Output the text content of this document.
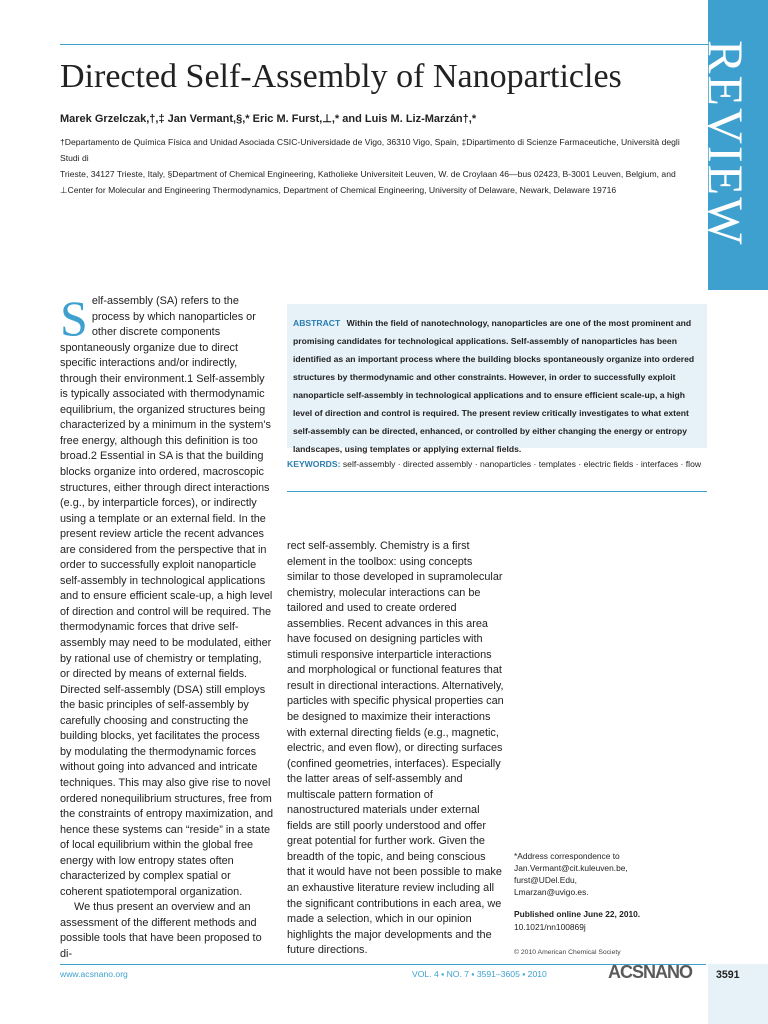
REVIEW
Directed Self-Assembly of Nanoparticles
Marek Grzelczak,†,‡ Jan Vermant,§,* Eric M. Furst,⊥,* and Luis M. Liz-Marzán†,*
†Departamento de Química Física and Unidad Asociada CSIC-Universidade de Vigo, 36310 Vigo, Spain, ‡Dipartimento di Scienze Farmaceutiche, Università degli Studi di
Trieste, 34127 Trieste, Italy, §Department of Chemical Engineering, Katholieke Universiteit Leuven, W. de Croylaan 46—bus 02423, B-3001 Leuven, Belgium, and
⊥Center for Molecular and Engineering Thermodynamics, Department of Chemical Engineering, University of Delaware, Newark, Delaware 19716
S elf-assembly (SA) refers to the process by which nanoparticles or other discrete components spontaneously organize due to direct specific interactions and/or indirectly, through their environment.1 Self-assembly is typically associated with thermodynamic equilibrium, the organized structures being characterized by a minimum in the system's free energy, although this definition is too broad.2 Essential in SA is that the building blocks organize into ordered, macroscopic structures, either through direct interactions (e.g., by interparticle forces), or indirectly using a template or an external field. In the present review article the recent advances are considered from the perspective that in order to successfully exploit nanoparticle self-assembly in technological applications and to ensure efficient scale-up, a high level of direction and control will be required. The thermodynamic forces that drive self-assembly may need to be modulated, either by rational use of chemistry or templating, or directed by means of external fields. Directed self-assembly (DSA) still employs the basic principles of self-assembly by carefully choosing and constructing the building blocks, yet facilitates the process by modulating the thermodynamic forces without going into advanced and intricate techniques. This may also give rise to novel ordered nonequilibrium structures, free from the constraints of entropy maximization, and hence these systems can “reside” in a state of local equilibrium within the global free energy with low entropy states often characterized by complex spatial or coherent spatiotemporal organization.
We thus present an overview and an assessment of the different methods and possible tools that have been proposed to di-
ABSTRACT Within the field of nanotechnology, nanoparticles are one of the most prominent and promising candidates for technological applications. Self-assembly of nanoparticles has been identified as an important process where the building blocks spontaneously organize into ordered structures by thermodynamic and other constraints. However, in order to successfully exploit nanoparticle self-assembly in technological applications and to ensure efficient scale-up, a high level of direction and control is required. The present review critically investigates to what extent self-assembly can be directed, enhanced, or controlled by either changing the energy or entropy landscapes, using templates or applying external fields.
KEYWORDS: self-assembly · directed assembly · nanoparticles · templates · electric fields · interfaces · flow
rect self-assembly. Chemistry is a first element in the toolbox: using concepts similar to those developed in supramolecular chemistry, molecular interactions can be tailored and used to create ordered assemblies. Recent advances in this area have focused on designing particles with stimuli responsive interparticle interactions and morphological or functional features that result in directional interactions. Alternatively, particles with specific physical properties can be designed to maximize their interactions with external directing fields (e.g., magnetic, electric, and even flow), or directing surfaces (confined geometries, interfaces). Especially the latter areas of self-assembly and multiscale pattern formation of nanostructured materials under external fields are still poorly understood and offer great potential for further work. Given the breadth of the topic, and being conscious that it would have not been possible to make an exhaustive literature review including all the significant contributions in each area, we made a selection, which in our opinion highlights the major developments and the future directions.
*Address correspondence to
Jan.Vermant@cit.kuleuven.be,
furst@UDel.Edu,
Lmarzan@uvigo.es.
Published online June 22, 2010.
10.1021/nn100869j
© 2010 American Chemical Society
www.acsnano.org	VOL. 4 ▪ NO. 7 ▪ 3591–3605 ▪ 2010	ACSNANO 3591
